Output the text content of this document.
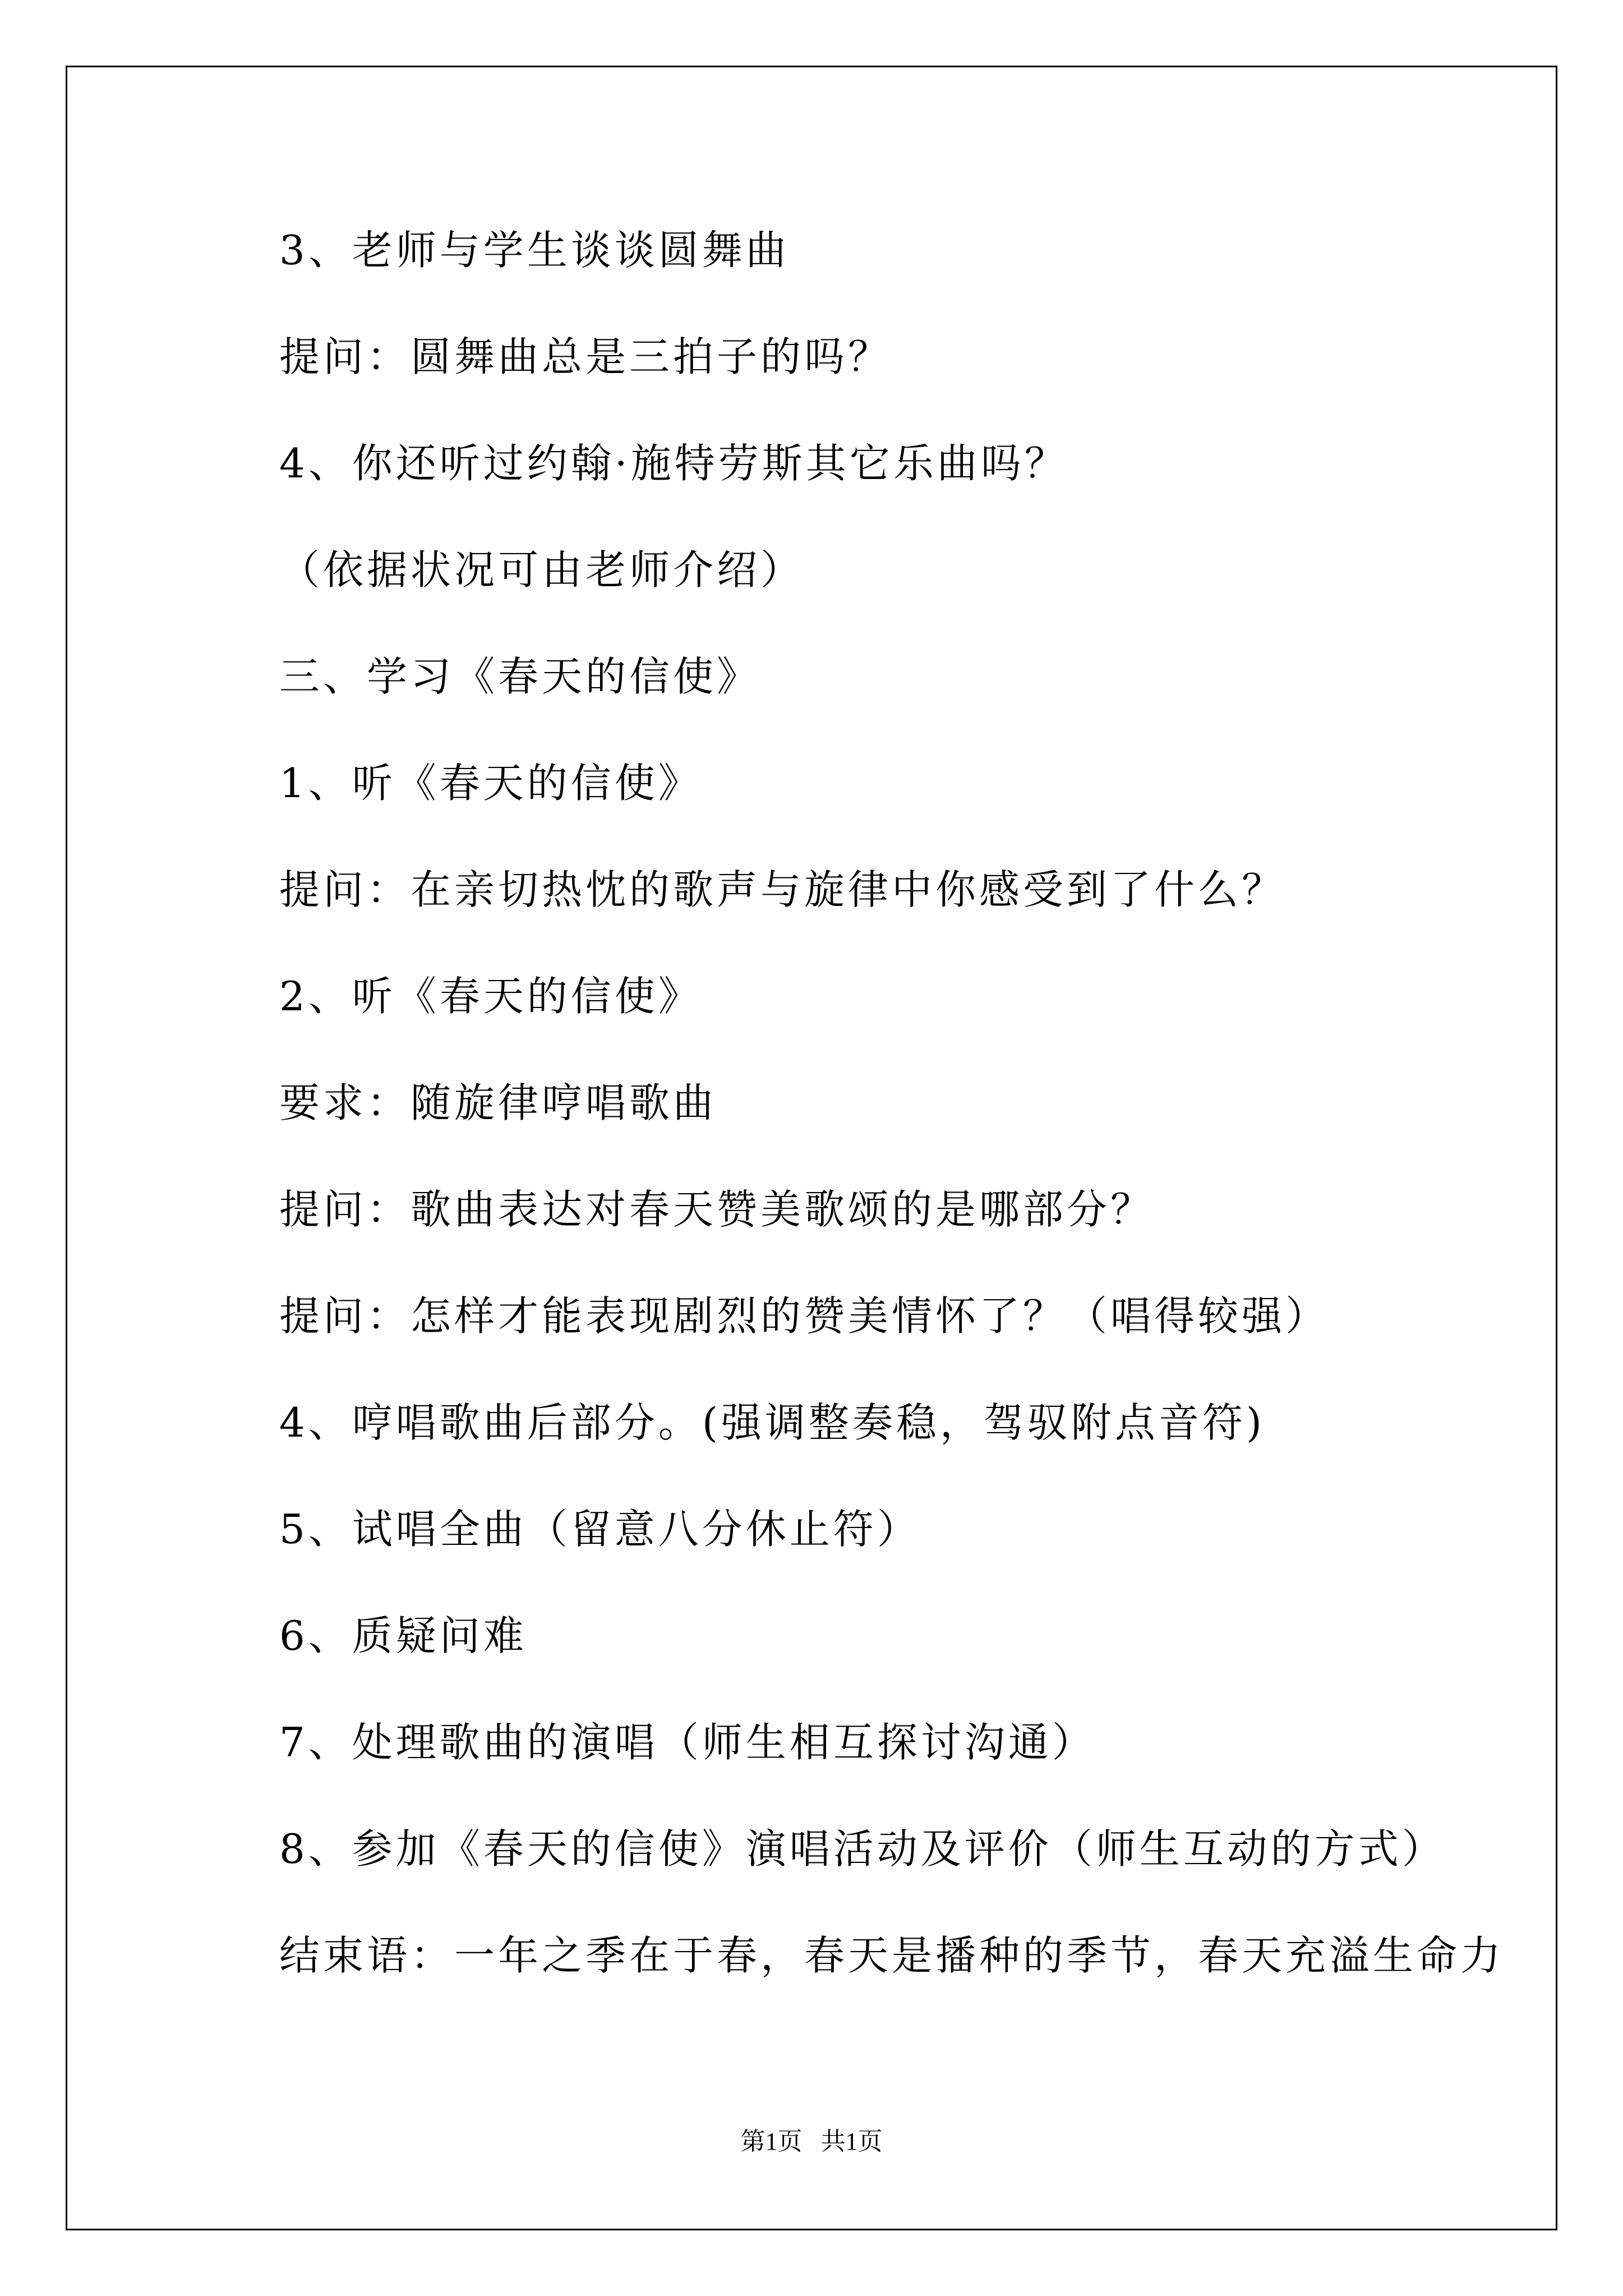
3、老师与学生谈谈圆舞曲
提问：圆舞曲总是三拍子的吗？
4、你还听过约翰·施特劳斯其它乐曲吗？
（依据状况可由老师介绍）
三、学习《春天的信使》
1、听《春天的信使》
提问：在亲切热忱的歌声与旋律中你感受到了什么？
2、听《春天的信使》
要求：随旋律哼唱歌曲
提问：歌曲表达对春天赞美歌颂的是哪部分？
提问：怎样才能表现剧烈的赞美情怀了？（唱得较强）
4、哼唱歌曲后部分。(强调整奏稳，驾驭附点音符)
5、试唱全曲（留意八分休止符）
6、质疑问难
7、处理歌曲的演唱（师生相互探讨沟通）
8、参加《春天的信使》演唱活动及评价（师生互动的方式）
结束语：一年之季在于春，春天是播种的季节，春天充溢生命力
第1页   共1页
